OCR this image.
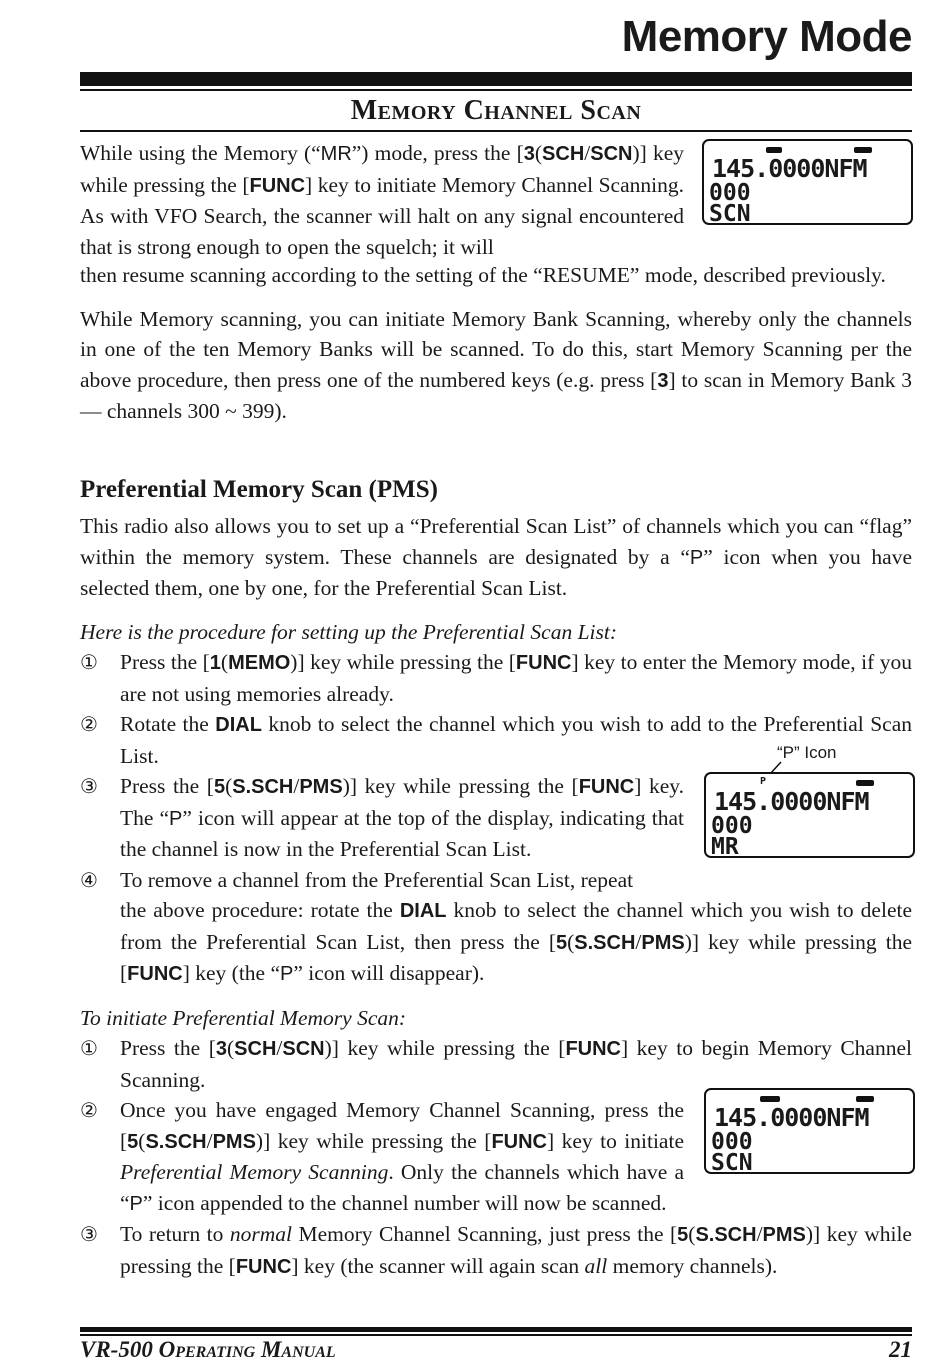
Memory Mode
Memory Channel Scan
145.0000NFM
000
SCN

While using the Memory (“MR”) mode, press the [3(SCH/SCN)] key while pressing the [FUNC] key to initiate Memory Channel Scanning. As with VFO Search, the scanner will halt on any signal encountered that is strong enough to open the squelch; it will

then resume scanning according to the setting of the “RESUME” mode, described previously.

While Memory scanning, you can initiate Memory Bank Scanning, whereby only the channels in one of the ten Memory Banks will be scanned. To do this, start Memory Scanning per the above procedure, then press one of the numbered keys (e.g. press [3] to scan in Memory Bank 3 — channels 300 ~ 399).

Preferential Memory Scan (PMS)

This radio also allows you to set up a “Preferential Scan List” of channels which you can “flag” within the memory system. These channels are designated by a “P” icon when you have selected them, one by one, for the Preferential Scan List.

Here is the procedure for setting up the Preferential Scan List:

①	Press the [1(MEMO)] key while pressing the [FUNC] key to enter the Memory mode, if you are not using memories already.
②	Rotate the DIAL knob to select the channel which you wish to add to the Preferential Scan List.
③	Press the [5(S.SCH/PMS)] key while pressing the [FUNC] key. The “P” icon will appear at the top of the display, indicating that the channel is now in the Preferential Scan List.
④	To remove a channel from the Preferential Scan List, repeat
the above procedure: rotate the DIAL knob to select the channel which you wish to delete from the Preferential Scan List, then press the [5(S.SCH/PMS)] key while pressing the [FUNC] key (the “P” icon will disappear).

To initiate Preferential Memory Scan:

①	Press the [3(SCH/SCN)] key while pressing the [FUNC] key to begin Memory Channel Scanning.
②	Once you have engaged Memory Channel Scanning, press the [5(S.SCH/PMS)] key while pressing the [FUNC] key to initiate Preferential Memory Scanning. Only the channels which have a “P” icon appended to the channel number will now be scanned.
③	To return to normal Memory Channel Scanning, just press the [5(S.SCH/PMS)] key while pressing the [FUNC] key (the scanner will again scan all memory channels).
“P” Icon
P
145.0000NFM
000
MR
145.0000NFM
000
SCN
VR-500 Operating Manual	21
